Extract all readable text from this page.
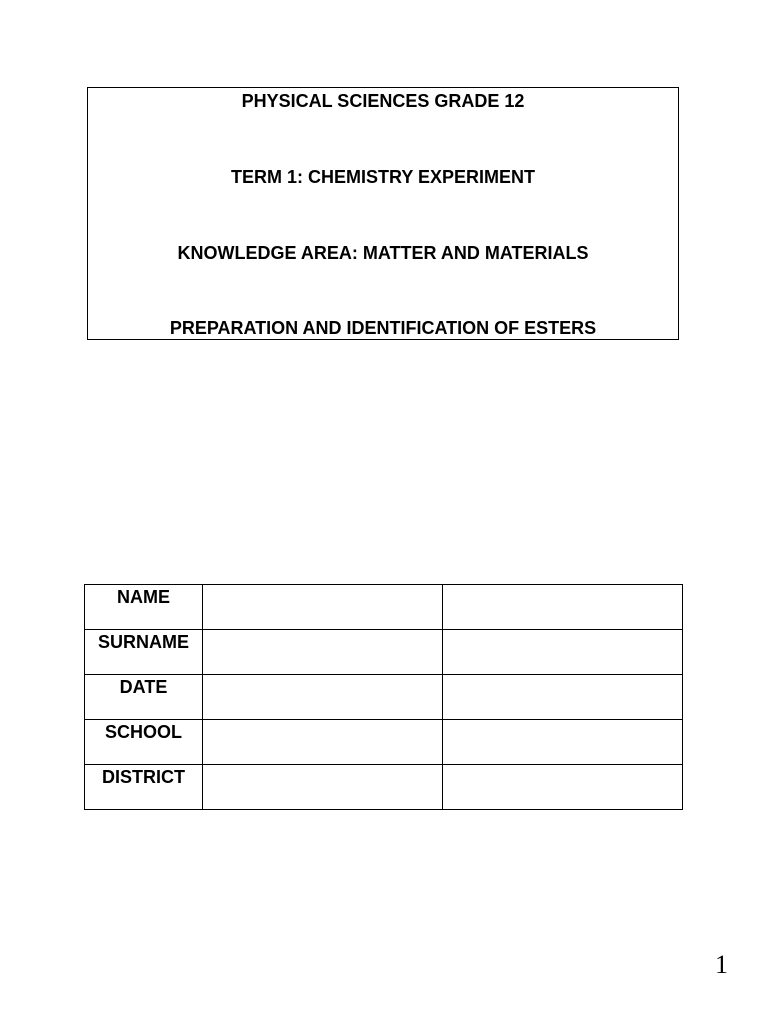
PHYSICAL SCIENCES GRADE 12
TERM 1: CHEMISTRY EXPERIMENT
KNOWLEDGE AREA: MATTER AND MATERIALS
PREPARATION AND IDENTIFICATION OF ESTERS
NAME		
SURNAME		
DATE		
SCHOOL		
DISTRICT		
1
